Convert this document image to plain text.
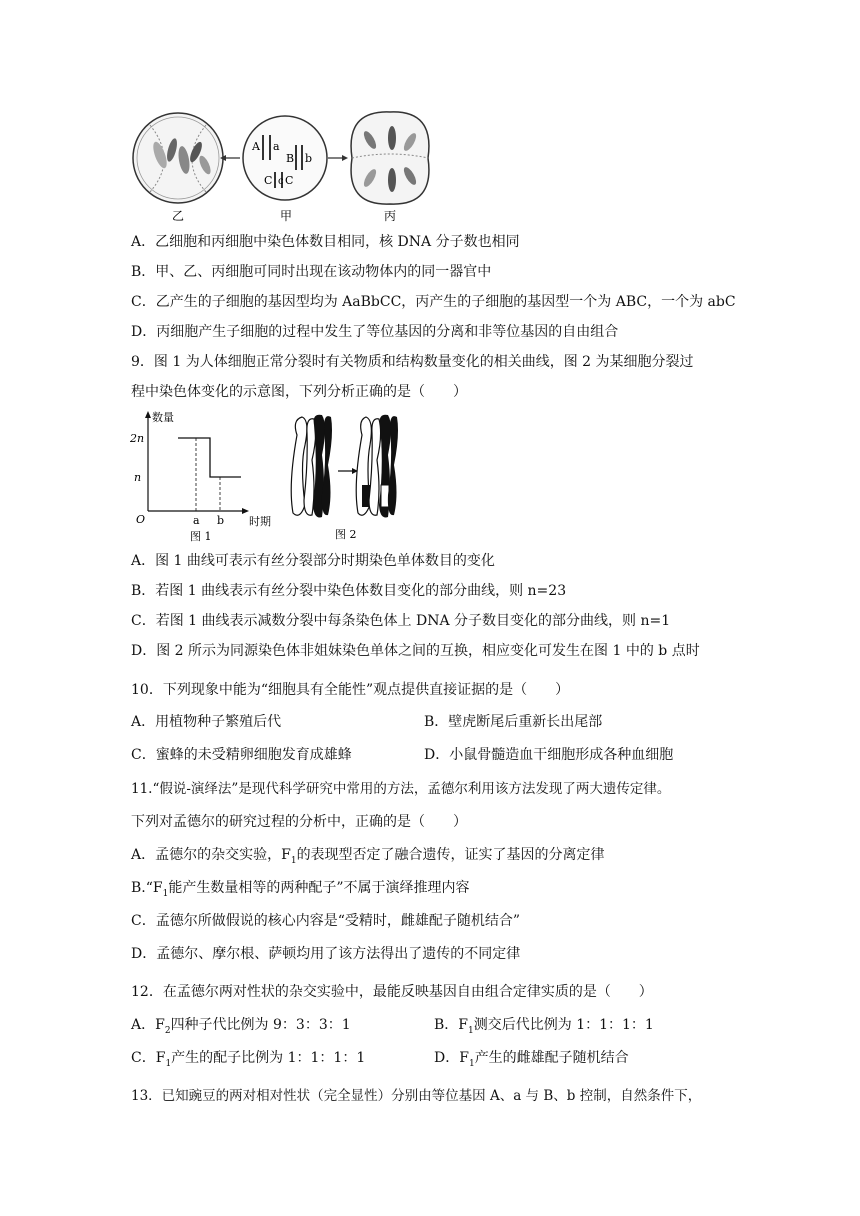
乙
A a
B b
C c C
甲	丙
A．乙细胞和丙细胞中染色体数目相同，核 DNA 分子数也相同
B．甲、乙、丙细胞可同时出现在该动物体内的同一器官中
C．乙产生的子细胞的基因型均为 AaBbCC，丙产生的子细胞的基因型一个为 ABC，一个为 abC
D．丙细胞产生子细胞的过程中发生了等位基因的分离和非等位基因的自由组合
9．图 1 为人体细胞正常分裂时有关物质和结构数量变化的相关曲线，图 2 为某细胞分裂过
程中染色体变化的示意图，下列分析正确的是（　　）
数量
时期
O
2n
n
a b
图 1	图 2
A．图 1 曲线可表示有丝分裂部分时期染色单体数目的变化
B．若图 1 曲线表示有丝分裂中染色体数目变化的部分曲线，则 n=23
C．若图 1 曲线表示减数分裂中每条染色体上 DNA 分子数目变化的部分曲线，则 n=1
D．图 2 所示为同源染色体非姐妹染色单体之间的互换，相应变化可发生在图 1 中的 b 点时
10．下列现象中能为“细胞具有全能性”观点提供直接证据的是（　　）
A．用植物种子繁殖后代	B．壁虎断尾后重新长出尾部
C．蜜蜂的未受精卵细胞发育成雄蜂	D．小鼠骨髓造血干细胞形成各种血细胞
11.“假说-演绎法”是现代科学研究中常用的方法，孟德尔利用该方法发现了两大遗传定律。
下列对孟德尔的研究过程的分析中，正确的是（　　）
A．孟德尔的杂交实验，$F_1$的表现型否定了融合遗传，证实了基因的分离定律
$B.“F_1$能产生数量相等的两种配子”不属于演绎推理内容
C．孟德尔所做假说的核心内容是“受精时，雌雄配子随机结合”
D．孟德尔、摩尔根、萨顿均用了该方法得出了遗传的不同定律
12．在孟德尔两对性状的杂交实验中，最能反映基因自由组合定律实质的是（　　）
A．$F_2$四种子代比例为 9：3：3：1	B．$F_1$测交后代比例为 1：1：1：1
C．$F_1$产生的配子比例为 1：1：1：1	D．$F_1$产生的雌雄配子随机结合
13．已知豌豆的两对相对性状（完全显性）分别由等位基因 A、a 与 B、b 控制，自然条件下，
